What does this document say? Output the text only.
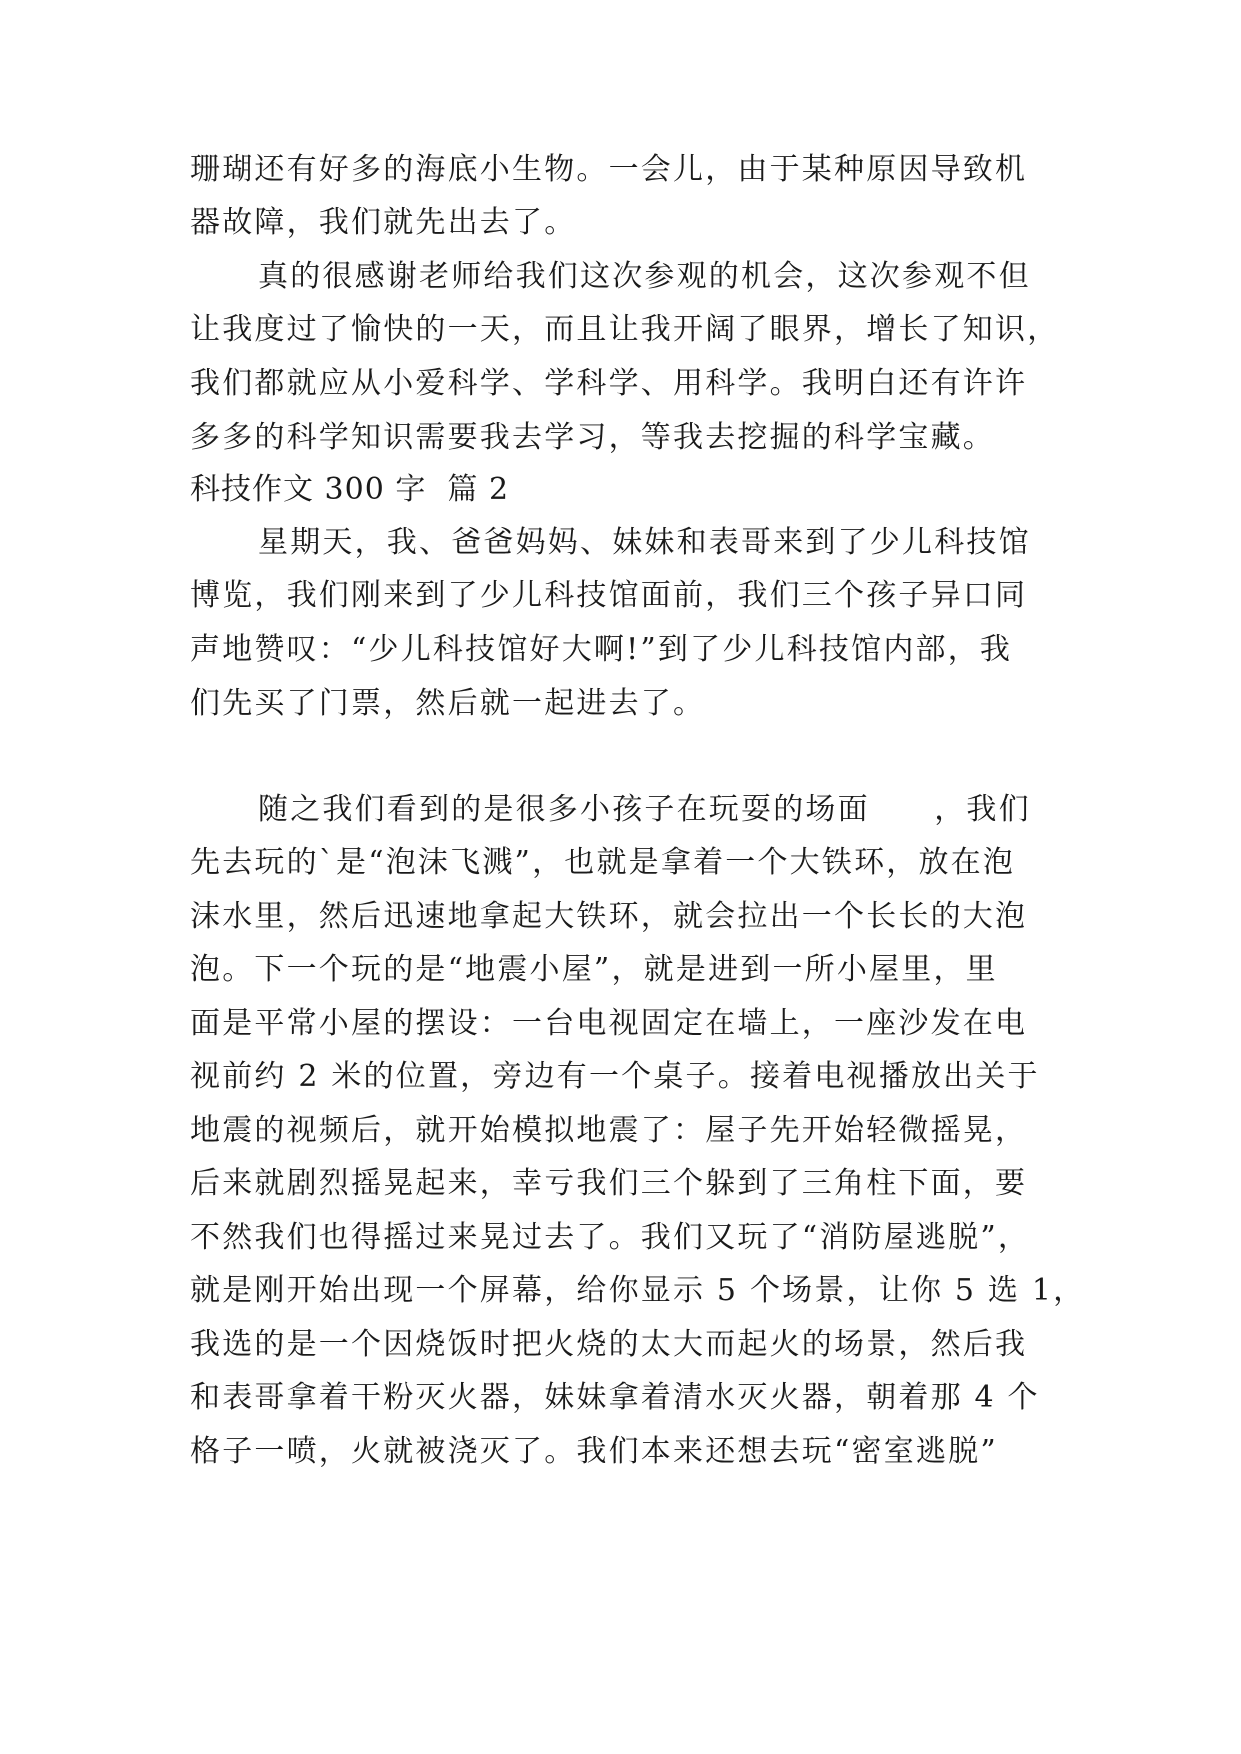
珊瑚还有好多的海底小生物。一会儿，由于某种原因导致机
器故障，我们就先出去了。
真的很感谢老师给我们这次参观的机会，这次参观不但
让我度过了愉快的一天，而且让我开阔了眼界，增长了知识，
我们都就应从小爱科学、学科学、用科学。我明白还有许许
多多的科学知识需要我去学习，等我去挖掘的科学宝藏。
科技作文 300 字  篇 2
星期天，我、爸爸妈妈、妹妹和表哥来到了少儿科技馆
博览，我们刚来到了少儿科技馆面前，我们三个孩子异口同
声地赞叹：“少儿科技馆好大啊!”到了少儿科技馆内部，我
们先买了门票，然后就一起进去了。
随之我们看到的是很多小孩子在玩耍的场面　　，我们
先去玩的`是“泡沫飞溅”，也就是拿着一个大铁环，放在泡
沫水里，然后迅速地拿起大铁环，就会拉出一个长长的大泡
泡。下一个玩的是“地震小屋”，就是进到一所小屋里，里
面是平常小屋的摆设：一台电视固定在墙上，一座沙发在电
视前约 2 米的位置，旁边有一个桌子。接着电视播放出关于
地震的视频后，就开始模拟地震了：屋子先开始轻微摇晃，
后来就剧烈摇晃起来，幸亏我们三个躲到了三角柱下面，要
不然我们也得摇过来晃过去了。我们又玩了“消防屋逃脱”，
就是刚开始出现一个屏幕，给你显示 5 个场景，让你 5 选 1，
我选的是一个因烧饭时把火烧的太大而起火的场景，然后我
和表哥拿着干粉灭火器，妹妹拿着清水灭火器，朝着那 4 个
格子一喷，火就被浇灭了。我们本来还想去玩“密室逃脱”
